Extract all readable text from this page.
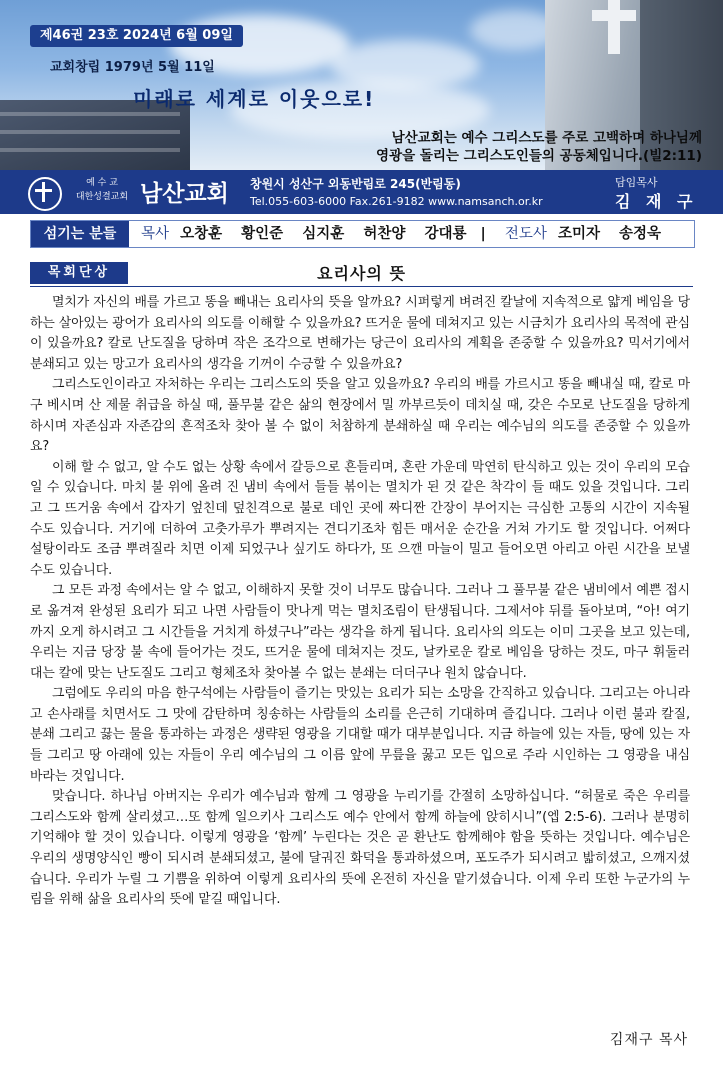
제46권 23호 2024년 6월 09일
교회창립 1979년 5월 11일
미래로 세계로 이웃으로!
남산교회는 예수 그리스도를 주로 고백하며 하나님께
영광을 돌리는 그리스도인들의 공동체입니다.(빌2:11)
예 수 교
대한성결교회 남산교회 창원시 성산구 외동반림로 245(반림동)
Tel.055-603-6000 Fax.261-9182 www.namsanch.or.kr
담임목사
김 재 구
섬기는 분들	목사 오창훈 황인준 심지훈 허찬양 강대룡 | 전도사 조미자 송정욱
요리사의 뜻
목회단상

멸치가 자신의 배를 가르고 똥을 빼내는 요리사의 뜻을 알까요? 시퍼렇게 벼려진 칼날에 지속적으로 얇게 베임을 당하는 살아있는 광어가 요리사의 의도를 이해할 수 있을까요? 뜨거운 물에 데쳐지고 있는 시금치가 요리사의 목적에 관심이 있을까요? 칼로 난도질을 당하며 작은 조각으로 변해가는 당근이 요리사의 계획을 존중할 수 있을까요? 믹서기에서 분쇄되고 있는 망고가 요리사의 생각을 기꺼이 수긍할 수 있을까요?

그리스도인이라고 자처하는 우리는 그리스도의 뜻을 알고 있을까요? 우리의 배를 가르시고 똥을 빼내실 때, 칼로 마구 베시며 산 제물 취급을 하실 때, 풀무불 같은 삶의 현장에서 밀 까부르듯이 데치실 때, 갖은 수모로 난도질을 당하게 하시며 자존심과 자존감의 흔적조차 찾아 볼 수 없이 처참하게 분쇄하실 때 우리는 예수님의 의도를 존중할 수 있을까요?

이해 할 수 없고, 알 수도 없는 상황 속에서 갈등으로 흔들리며, 혼란 가운데 막연히 탄식하고 있는 것이 우리의 모습일 수 있습니다. 마치 불 위에 올려 진 냄비 속에서 들들 볶이는 멸치가 된 것 같은 착각이 들 때도 있을 것입니다. 그리고 그 뜨거움 속에서 갑자기 엎친데 덮친격으로 불로 데인 곳에 짜디짠 간장이 부어지는 극심한 고통의 시간이 지속될 수도 있습니다. 거기에 더하여 고춧가루가 뿌려지는 견디기조차 힘든 매서운 순간을 거쳐 가기도 할 것입니다. 어쩌다 설탕이라도 조금 뿌려질라 치면 이제 되었구나 싶기도 하다가, 또 으깬 마늘이 밀고 들어오면 아리고 아린 시간을 보낼 수도 있습니다.

그 모든 과정 속에서는 알 수 없고, 이해하지 못할 것이 너무도 많습니다. 그러나 그 풀무불 같은 냄비에서 예쁜 접시로 옮겨져 완성된 요리가 되고 나면 사람들이 맛나게 먹는 멸치조림이 탄생됩니다. 그제서야 뒤를 돌아보며, “아! 여기까지 오게 하시려고 그 시간들을 거치게 하셨구나”라는 생각을 하게 됩니다. 요리사의 의도는 이미 그곳을 보고 있는데, 우리는 지금 당장 불 속에 들어가는 것도, 뜨거운 물에 데쳐지는 것도, 날카로운 칼로 베임을 당하는 것도, 마구 휘둘러대는 칼에 맞는 난도질도 그리고 형체조차 찾아볼 수 없는 분쇄는 더더구나 원치 않습니다.

그럼에도 우리의 마음 한구석에는 사람들이 즐기는 맛있는 요리가 되는 소망을 간직하고 있습니다. 그리고는 아니라고 손사래를 치면서도 그 맛에 감탄하며 칭송하는 사람들의 소리를 은근히 기대하며 즐깁니다. 그러나 이런 불과 칼질, 분쇄 그리고 끓는 물을 통과하는 과정은 생략된 영광을 기대할 때가 대부분입니다. 지금 하늘에 있는 자들, 땅에 있는 자들 그리고 땅 아래에 있는 자들이 우리 예수님의 그 이름 앞에 무릎을 꿇고 모든 입으로 주라 시인하는 그 영광을 내심 바라는 것입니다.

맞습니다. 하나님 아버지는 우리가 예수님과 함께 그 영광을 누리기를 간절히 소망하십니다. “허물로 죽은 우리를 그리스도와 함께 살리셨고…또 함께 일으키사 그리스도 예수 안에서 함께 하늘에 앉히시니”(엡 2:5-6). 그러나 분명히 기억해야 할 것이 있습니다. 이렇게 영광을 ‘함께’ 누린다는 것은 곧 환난도 함께해야 함을 뜻하는 것입니다. 예수님은 우리의 생명양식인 빵이 되시려 분쇄되셨고, 불에 달궈진 화덕을 통과하셨으며, 포도주가 되시려고 밟히셨고, 으깨지셨습니다. 우리가 누릴 그 기쁨을 위하여 이렇게 요리사의 뜻에 온전히 자신을 맡기셨습니다. 이제 우리 또한 누군가의 누림을 위해 삶을 요리사의 뜻에 맡길 때입니다.

김재구 목사
